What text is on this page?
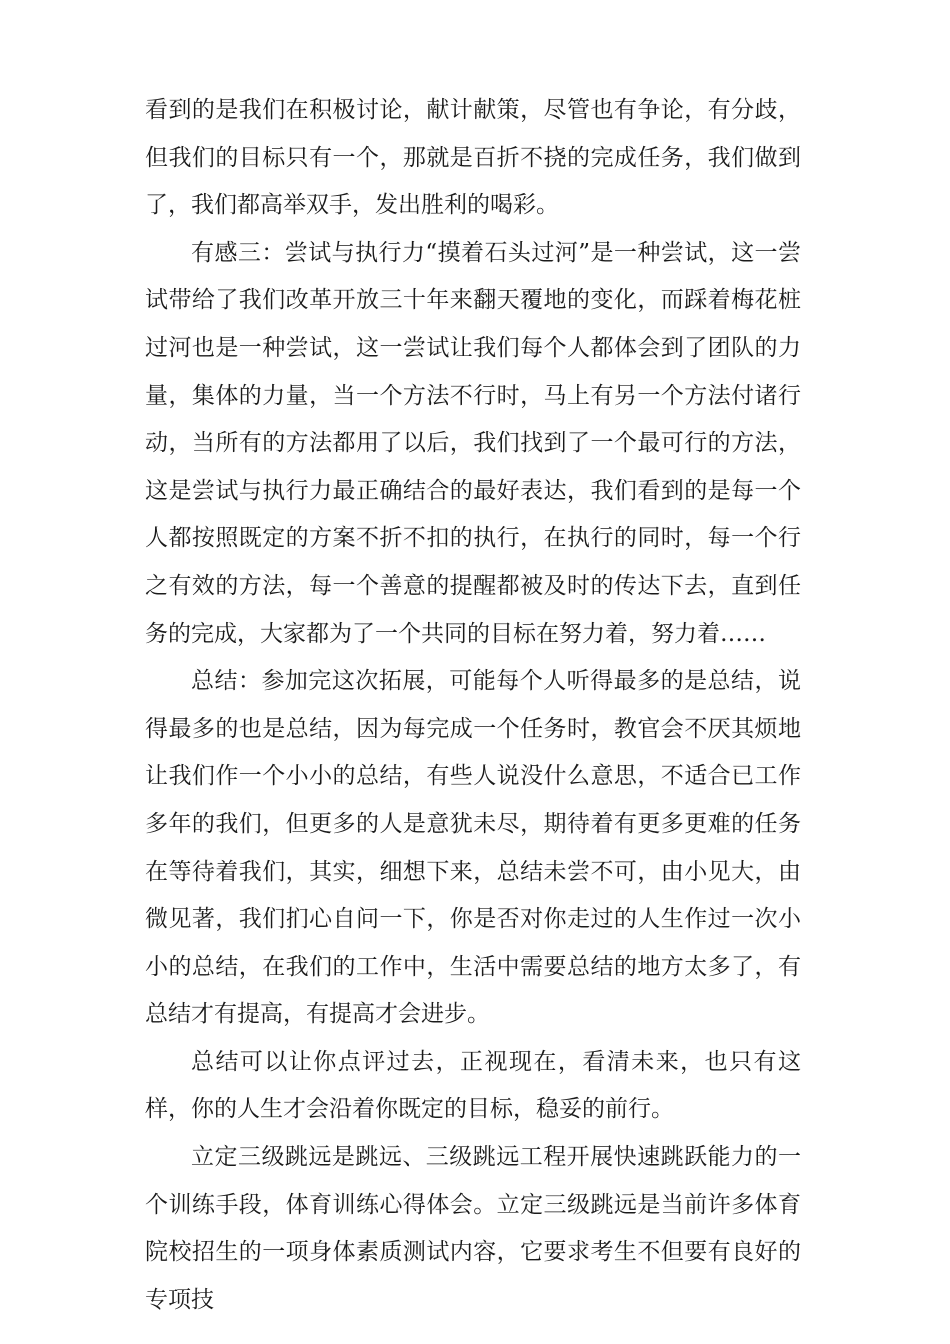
看到的是我们在积极讨论，献计献策，尽管也有争论，有分歧，但我们的目标只有一个，那就是百折不挠的完成任务，我们做到了，我们都高举双手，发出胜利的喝彩。

有感三：尝试与执行力“摸着石头过河”是一种尝试，这一尝试带给了我们改革开放三十年来翻天覆地的变化，而踩着梅花桩过河也是一种尝试，这一尝试让我们每个人都体会到了团队的力量，集体的力量，当一个方法不行时，马上有另一个方法付诸行动，当所有的方法都用了以后，我们找到了一个最可行的方法，这是尝试与执行力最正确结合的最好表达，我们看到的是每一个人都按照既定的方案不折不扣的执行，在执行的同时，每一个行之有效的方法，每一个善意的提醒都被及时的传达下去，直到任务的完成，大家都为了一个共同的目标在努力着，努力着……

总结：参加完这次拓展，可能每个人听得最多的是总结，说得最多的也是总结，因为每完成一个任务时，教官会不厌其烦地让我们作一个小小的总结，有些人说没什么意思，不适合已工作多年的我们，但更多的人是意犹未尽，期待着有更多更难的任务在等待着我们，其实，细想下来，总结未尝不可，由小见大，由微见著，我们扪心自问一下，你是否对你走过的人生作过一次小小的总结，在我们的工作中，生活中需要总结的地方太多了，有总结才有提高，有提高才会进步。

总结可以让你点评过去，正视现在，看清未来，也只有这样，你的人生才会沿着你既定的目标，稳妥的前行。

立定三级跳远是跳远、三级跳远工程开展快速跳跃能力的一个训练手段，体育训练心得体会。立定三级跳远是当前许多体育院校招生的一项身体素质测试内容，它要求考生不但要有良好的专项技
